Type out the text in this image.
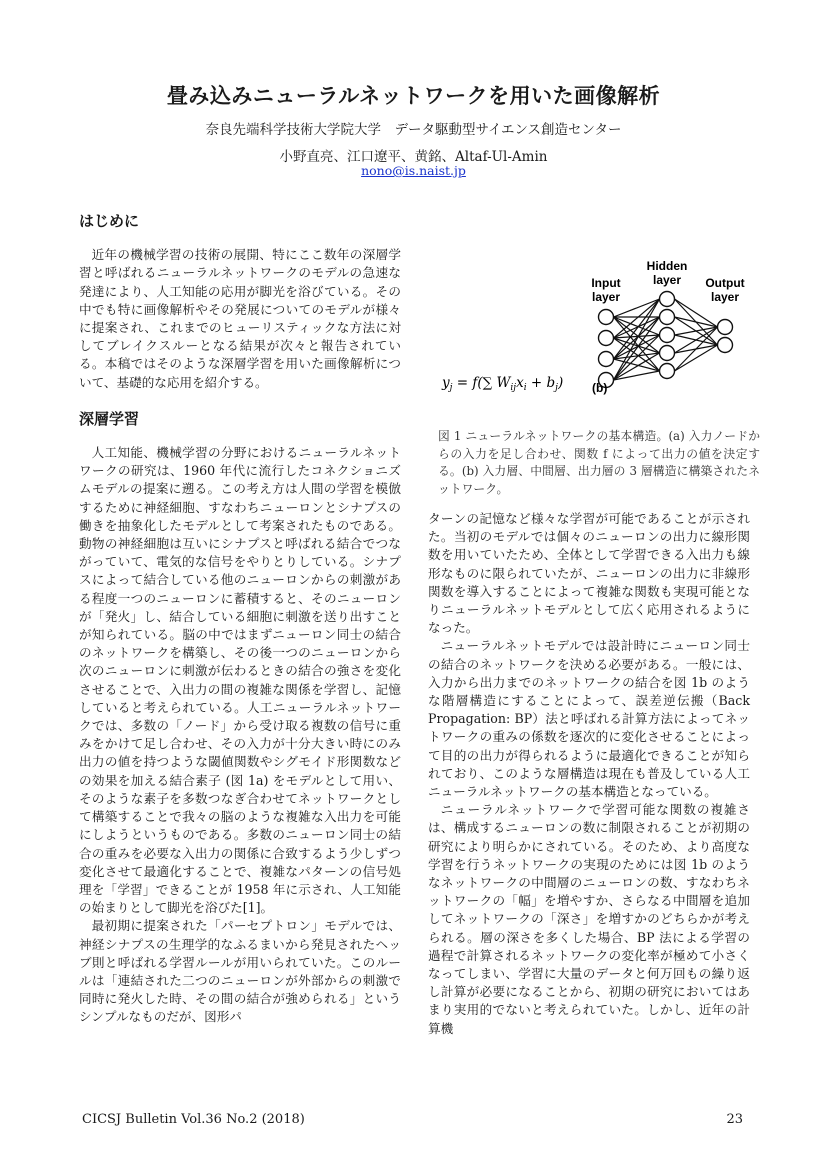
畳み込みニューラルネットワークを用いた画像解析
奈良先端科学技術大学院大学　データ駆動型サイエンス創造センター
小野直亮、江口遼平、黄銘、Altaf-Ul-Amin
nono@is.naist.jp
はじめに

近年の機械学習の技術の展開、特にここ数年の深層学習と呼ばれるニューラルネットワークのモデルの急速な発達により、人工知能の応用が脚光を浴びている。その中でも特に画像解析やその発展についてのモデルが様々に提案され、これまでのヒューリスティックな方法に対してブレイクスルーとなる結果が次々と報告されている。本稿ではそのような深層学習を用いた画像解析について、基礎的な応用を紹介する。

深層学習

人工知能、機械学習の分野におけるニューラルネットワークの研究は、1960 年代に流行したコネクショニズムモデルの提案に遡る。この考え方は人間の学習を模倣するために神経細胞、すなわちニューロンとシナプスの働きを抽象化したモデルとして考案されたものである。動物の神経細胞は互いにシナプスと呼ばれる結合でつながっていて、電気的な信号をやりとりしている。シナプスによって結合している他のニューロンからの刺激がある程度一つのニューロンに蓄積すると、そのニューロンが「発火」し、結合している細胞に刺激を送り出すことが知られている。脳の中ではまずニューロン同士の結合のネットワークを構築し、その後一つのニューロンから次のニューロンに刺激が伝わるときの結合の強さを変化させることで、入出力の間の複雑な関係を学習し、記憶していると考えられている。人工ニューラルネットワークでは、多数の「ノード」から受け取る複数の信号に重みをかけて足し合わせ、その入力が十分大きい時にのみ出力の値を持つような閾値関数やシグモイド形関数などの効果を加える結合素子 (図 1a) をモデルとして用い、そのような素子を多数つなぎ合わせてネットワークとして構築することで我々の脳のような複雑な入出力を可能にしようというものである。多数のニューロン同士の結合の重みを必要な入出力の関係に合致するよう少しずつ変化させて最適化することで、複雑なパターンの信号処理を「学習」できることが 1958 年に示され、人工知能の始まりとして脚光を浴びた[1]。

最初期に提案された「パーセプトロン」モデルでは、神経シナプスの生理学的なふるまいから発見されたヘッブ則と呼ばれる学習ルールが用いられていた。このルールは「連結された二つのニューロンが外部からの刺激で同時に発火した時、その間の結合が強められる」というシンプルなものだが、図形パ

Hidden
layer
Input
layer
Output
layer
(b)
$y_j = f(\sum$ $W_{ij}x_i + b_j$)
図 1 ニューラルネットワークの基本構造。(a) 入力ノードからの入力を足し合わせ、関数 f によって出力の値を決定する。(b) 入力層、中間層、出力層の 3 層構造に構築されたネットワーク。

ターンの記憶など様々な学習が可能であることが示された。当初のモデルでは個々のニューロンの出力に線形関数を用いていたため、全体として学習できる入出力も線形なものに限られていたが、ニューロンの出力に非線形関数を導入することによって複雑な関数も実現可能となりニューラルネットモデルとして広く応用されるようになった。

ニューラルネットモデルでは設計時にニューロン同士の結合のネットワークを決める必要がある。一般には、入力から出力までのネットワークの結合を図 1b のような階層構造にすることによって、誤差逆伝搬（Back Propagation: BP）法と呼ばれる計算方法によってネットワークの重みの係数を逐次的に変化させることによって目的の出力が得られるように最適化できることが知られており、このような層構造は現在も普及している人工ニューラルネットワークの基本構造となっている。

ニューラルネットワークで学習可能な関数の複雑さは、構成するニューロンの数に制限されることが初期の研究により明らかにされている。そのため、より高度な学習を行うネットワークの実現のためには図 1b のようなネットワークの中間層のニューロンの数、すなわちネットワークの「幅」を増やすか、さらなる中間層を追加してネットワークの「深さ」を増すかのどちらかが考えられる。層の深さを多くした場合、BP 法による学習の過程で計算されるネットワークの変化率が極めて小さくなってしまい、学習に大量のデータと何万回もの繰り返し計算が必要になることから、初期の研究においてはあまり実用的でないと考えられていた。しかし、近年の計算機

CICSJ Bulletin Vol.36 No.2 (2018)	23
